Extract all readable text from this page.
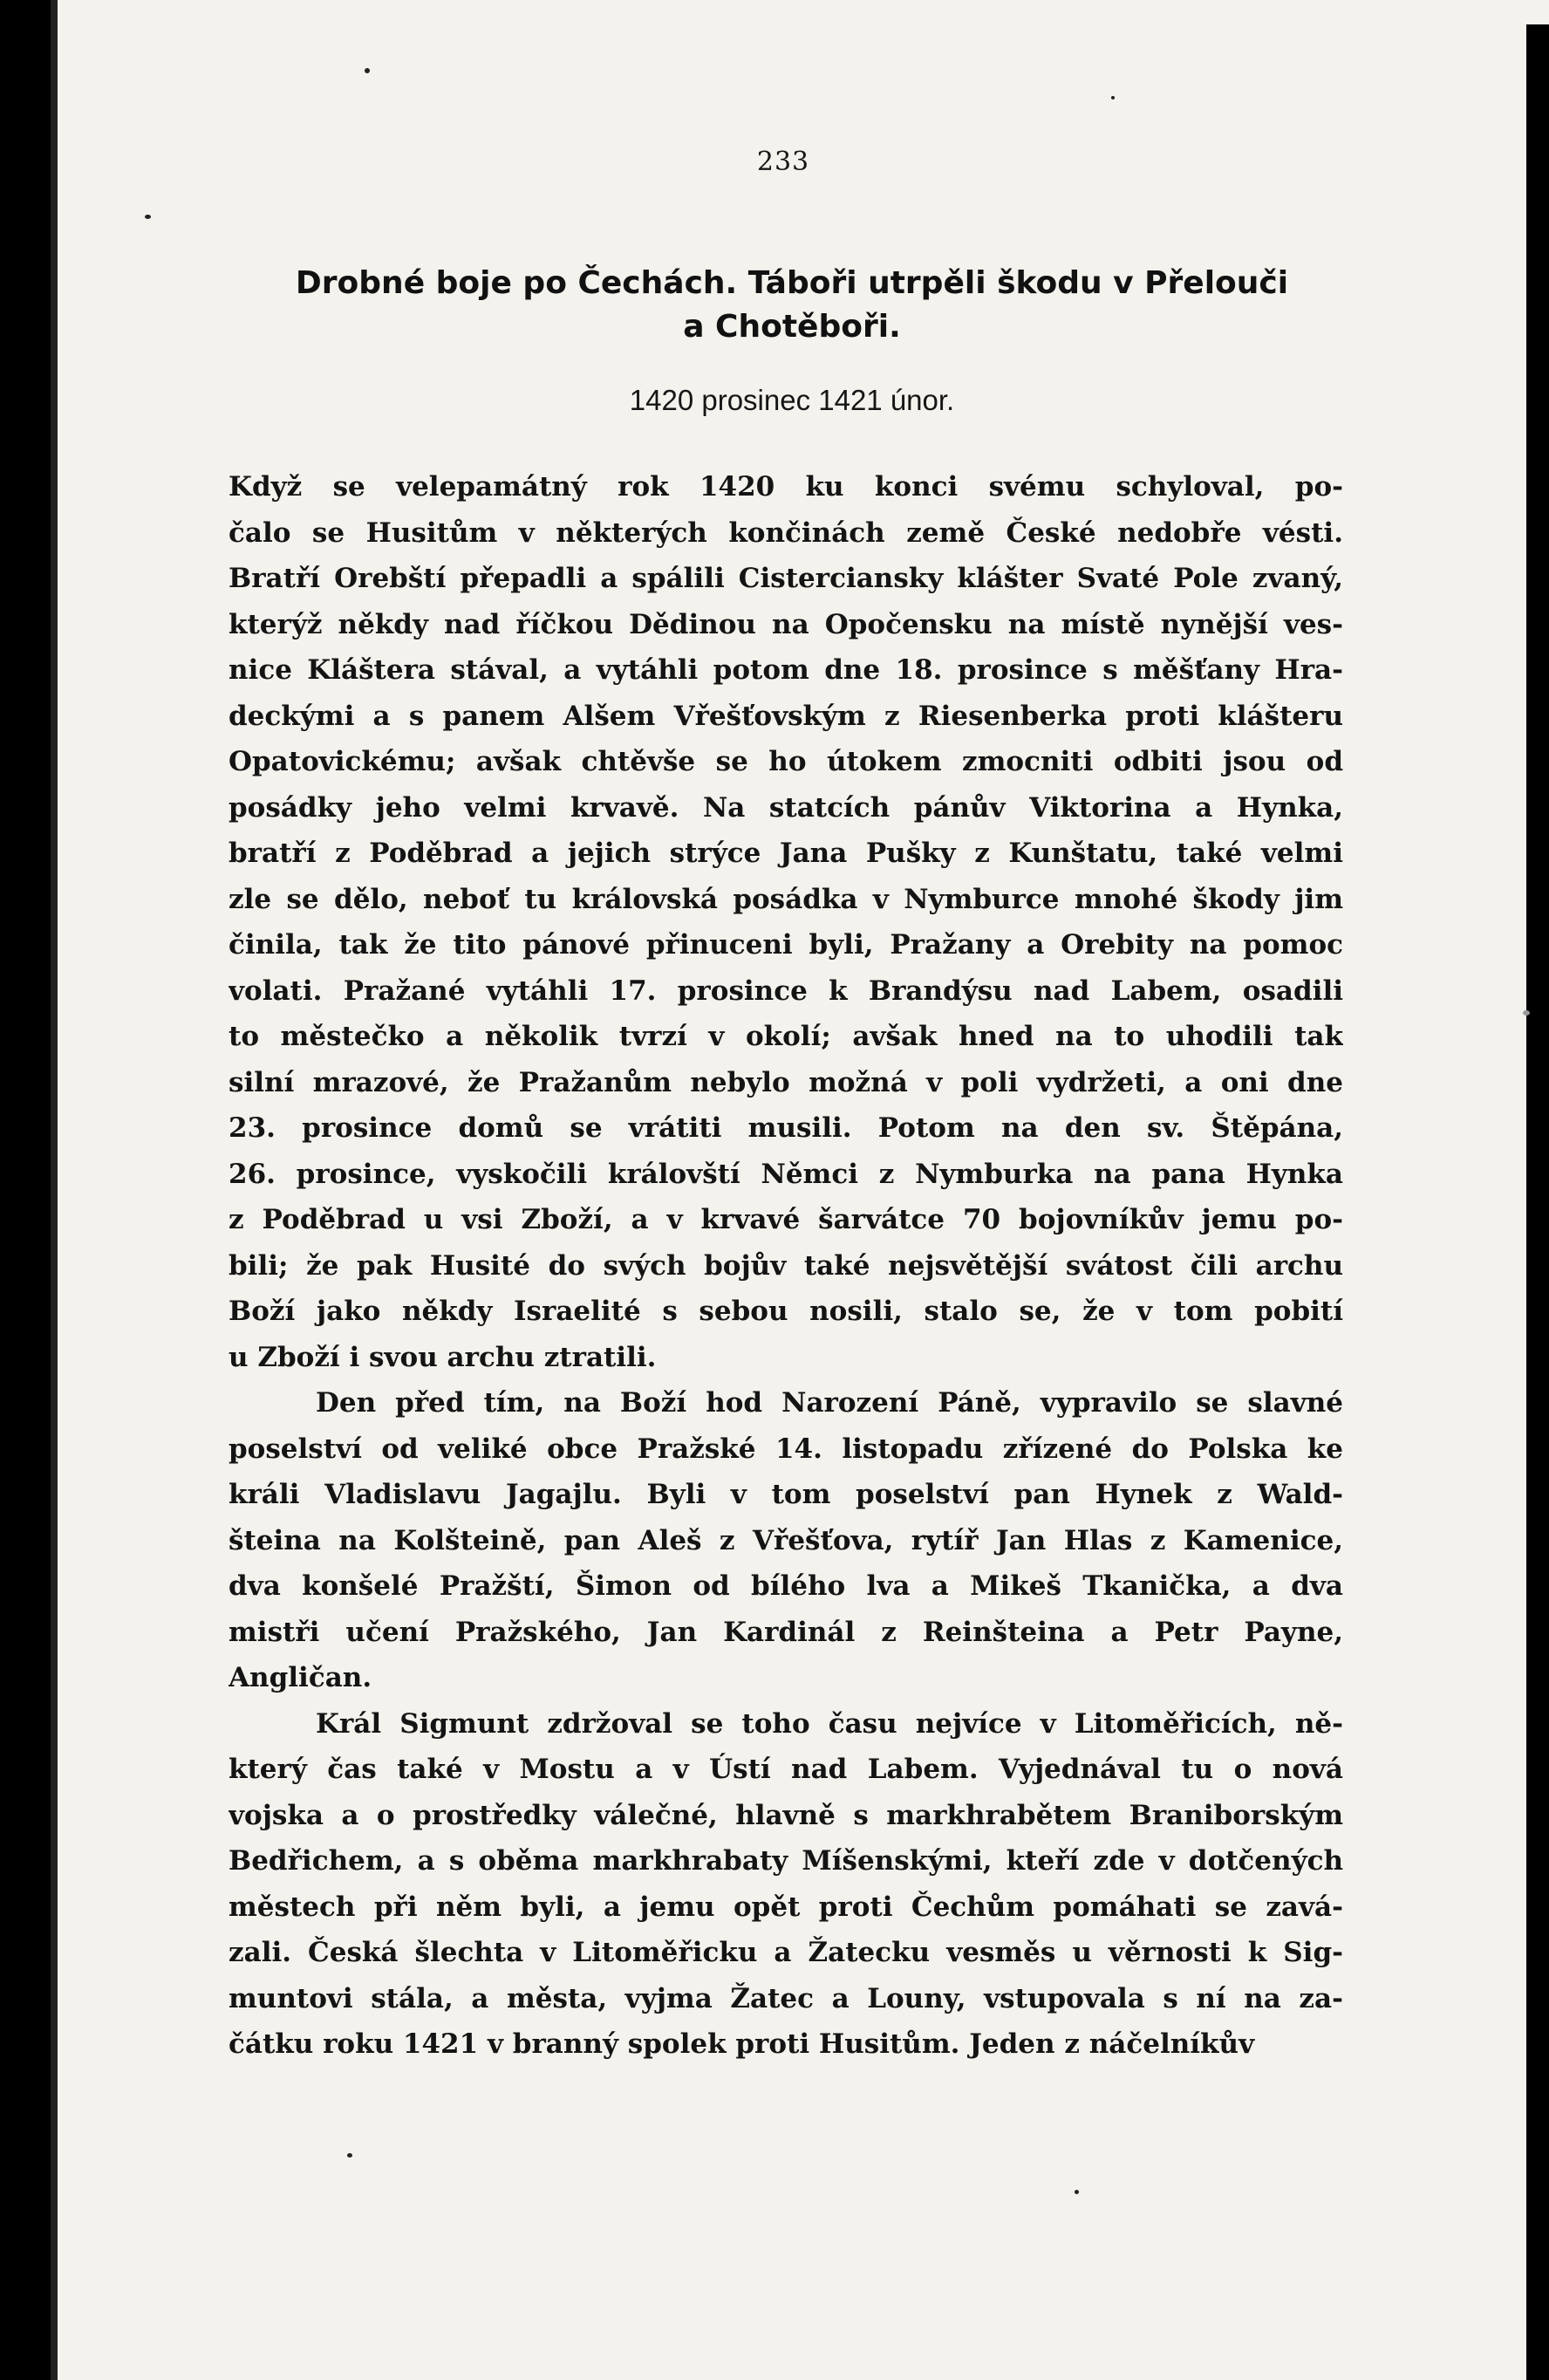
233
Drobné boje po Čechách. Táboři utrpěli škodu v Přelouči
a Chotěboři.
1420 prosinec 1421 únor.
Když se velepamátný rok 1420 ku konci svému schyloval, po-
čalo se Husitům v některých končinách země České nedobře vésti.
Bratří Orebští přepadli a spálili Cisterciansky klášter Svaté Pole zvaný,
kterýž někdy nad říčkou Dědinou na Opočensku na místě nynější ves-
nice Kláštera stával, a vytáhli potom dne 18. prosince s měšťany Hra-
deckými a s panem Alšem Vřešťovským z Riesenberka proti klášteru
Opatovickému; avšak chtěvše se ho útokem zmocniti odbiti jsou od
posádky jeho velmi krvavě. Na statcích pánův Viktorina a Hynka,
bratří z Poděbrad a jejich strýce Jana Pušky z Kunštatu, také velmi
zle se dělo, neboť tu královská posádka v Nymburce mnohé škody jim
činila, tak že tito pánové přinuceni byli, Pražany a Orebity na pomoc
volati. Pražané vytáhli 17. prosince k Brandýsu nad Labem, osadili
to městečko a několik tvrzí v okolí; avšak hned na to uhodili tak
silní mrazové, že Pražanům nebylo možná v poli vydržeti, a oni dne
23. prosince domů se vrátiti musili. Potom na den sv. Štěpána,
26. prosince, vyskočili královští Němci z Nymburka na pana Hynka
z Poděbrad u vsi Zboží, a v krvavé šarvátce 70 bojovníkův jemu po-
bili; že pak Husité do svých bojův také nejsvětější svátost čili archu
Boží jako někdy Israelité s sebou nosili, stalo se, že v tom pobití
u Zboží i svou archu ztratili.
Den před tím, na Boží hod Narození Páně, vypravilo se slavné
poselství od veliké obce Pražské 14. listopadu zřízené do Polska ke
králi Vladislavu Jagajlu. Byli v tom poselství pan Hynek z Wald-
šteina na Kolšteině, pan Aleš z Vřešťova, rytíř Jan Hlas z Kamenice,
dva konšelé Pražští, Šimon od bílého lva a Mikeš Tkanička, a dva
mistři učení Pražského, Jan Kardinál z Reinšteina a Petr Payne,
Angličan.
Král Sigmunt zdržoval se toho času nejvíce v Litoměřicích, ně-
který čas také v Mostu a v Ústí nad Labem. Vyjednával tu o nová
vojska a o prostředky válečné, hlavně s markhrabětem Braniborským
Bedřichem, a s oběma markhrabaty Míšenskými, kteří zde v dotčených
městech při něm byli, a jemu opět proti Čechům pomáhati se zavá-
zali. Česká šlechta v Litoměřicku a Žatecku vesměs u věrnosti k Sig-
muntovi stála, a města, vyjma Žatec a Louny, vstupovala s ní na za-
čátku roku 1421 v branný spolek proti Husitům. Jeden z náčelníkův
